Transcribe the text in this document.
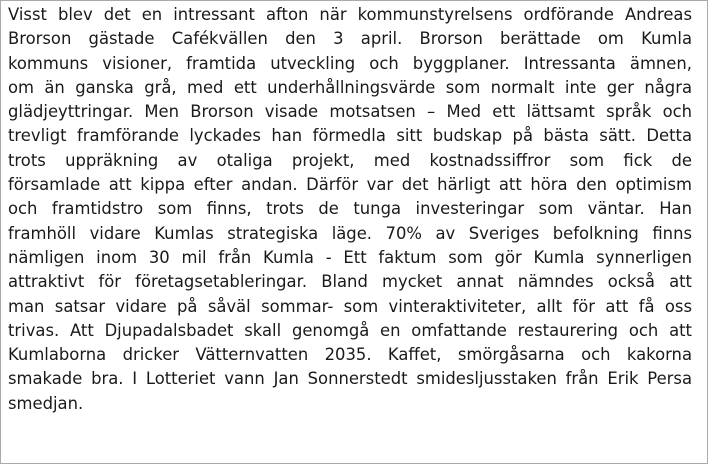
Visst blev det en intressant afton när kommunstyrelsens ordförande Andreas
Brorson gästade Cafékvällen den 3 april. Brorson berättade om Kumla
kommuns visioner, framtida utveckling och byggplaner. Intressanta ämnen,
om än ganska grå, med ett underhållningsvärde som normalt inte ger några
glädjeyttringar. Men Brorson visade motsatsen – Med ett lättsamt språk och
trevligt framförande lyckades han förmedla sitt budskap på bästa sätt. Detta
trots uppräkning av otaliga projekt, med kostnadssiffror som fick de
församlade att kippa efter andan. Därför var det härligt att höra den optimism
och framtidstro som finns, trots de tunga investeringar som väntar. Han
framhöll vidare Kumlas strategiska läge. 70% av Sveriges befolkning finns
nämligen inom 30 mil från Kumla - Ett faktum som gör Kumla synnerligen
attraktivt för företagsetableringar. Bland mycket annat nämndes också att
man satsar vidare på såväl sommar- som vinteraktiviteter, allt för att få oss
trivas. Att Djupadalsbadet skall genomgå en omfattande restaurering och att
Kumlaborna dricker Vätternvatten 2035. Kaffet, smörgåsarna och kakorna
smakade bra. I Lotteriet vann Jan Sonnerstedt smideslјusstaken från Erik Persa
smedjan.
